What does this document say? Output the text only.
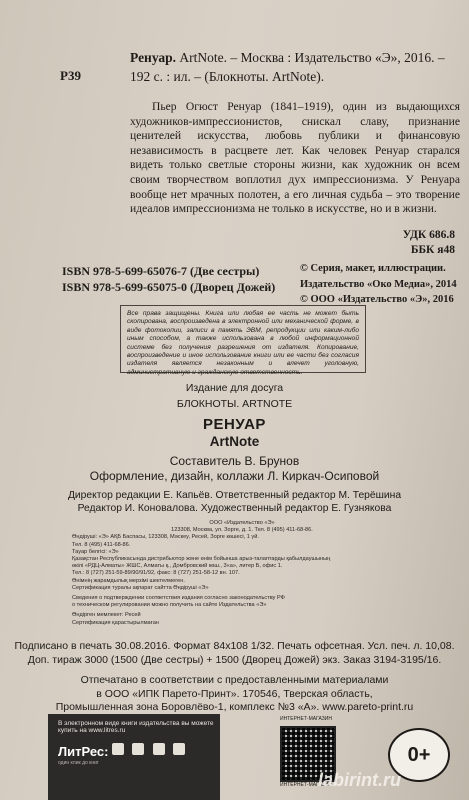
Р39
Ренуар. ArtNote. – Москва : Издательство «Э», 2016. – 192 с. : ил. – (Блокноты. ArtNote).
Пьер Огюст Ренуар (1841–1919), один из выдающихся художников-импрессионистов, снискал славу, признание ценителей искусства, любовь публики и финансовую независимость в расцвете лет. Как человек Ренуар старался видеть только светлые стороны жизни, как художник он всем своим творчеством воплотил дух импрессионизма. У Ренуара вообще нет мрачных полотен, а его личная судьба – это творение идеалов импрессионизма не только в искусстве, но и в жизни.
УДК 686.8
ББК я48
ISBN 978-5-699-65076-7 (Две сестры)
ISBN 978-5-699-65075-0 (Дворец Дожей)
© Серия, макет, иллюстрации.
Издательство «Око Медиа», 2014
© ООО «Издательство «Э», 2016
Все права защищены. Книга или любая ее часть не может быть скопирована, воспроизведена в электронной или механической форме, в виде фотокопии, записи в память ЭВМ, репродукции или каким-либо иным способом, а также использована в любой информационной системе без получения разрешения от издателя. Копирование, воспроизведение и иное использование книги или ее части без согласия издателя является незаконным и влечет уголовную, административную и гражданскую ответственность.
Издание для досуга
БЛОКНОТЫ. ARTNOTE
РЕНУАР
ArtNote
Составитель В. Брунов
Оформление, дизайн, коллажи Л. Киркач-Осиповой
Директор редакции Е. Капьёв. Ответственный редактор М. Терёшина
Редактор И. Коновалова. Художественный редактор Е. Гузнякова
ООО «Издательство «Э»
123308, Москва, ул. Зорге, д. 1. Тел. 8 (495) 411-68-86.
Өндіруші: «Э» АҚБ Баспасы, 123308, Мәскеу, Ресей, Зорге көшесі, 1 үй.
Тел. 8 (495) 411-68-86.
Тауар белгісі: «Э»
Қазақстан Республикасында дистрибьютор және өнім бойынша арыз-талаптарды қабылдаушының
өкілі «РДЦ-Алматы» ЖШС, Алматы қ., Домбровский көш., 3«а», литер Б, офис 1.
Тел.: 8 (727) 251-59-89/90/91/92, факс: 8 (727) 251-58-12 вн. 107.
Өнімнің жарамдылық мерзімі шектелмеген.
Сертификация туралы ақпарат сайтта Өндіруші «Э»
Сведения о подтверждении соответствия издания согласно законодательству РФ
о техническом регулировании можно получить на сайте Издательства «Э»
Өндірген мемлекет: Ресей
Сертификация қарастырылмаған
Подписано в печать 30.08.2016. Формат 84x108 1/32. Печать офсетная. Усл. печ. л. 10,08.
Доп. тираж 3000 (1500 (Две сестры) + 1500 (Дворец Дожей) экз. Заказ 3194-3195/16.
Отпечатано в соответствии с предоставленными материалами
в ООО «ИПК Парето-Принт». 170546, Тверская область,
Промышленная зона Боровлёво-1, комплекс №3 «А». www.pareto-print.ru
В электронном виде книги издательства вы можете купить на www.litres.ru
ЛитРес:
один клик до книг

ИНТЕРНЕТ-МАГАЗИН
ИНТЕРНЕТ-МАГАЗИН
0+
labirint.ru
